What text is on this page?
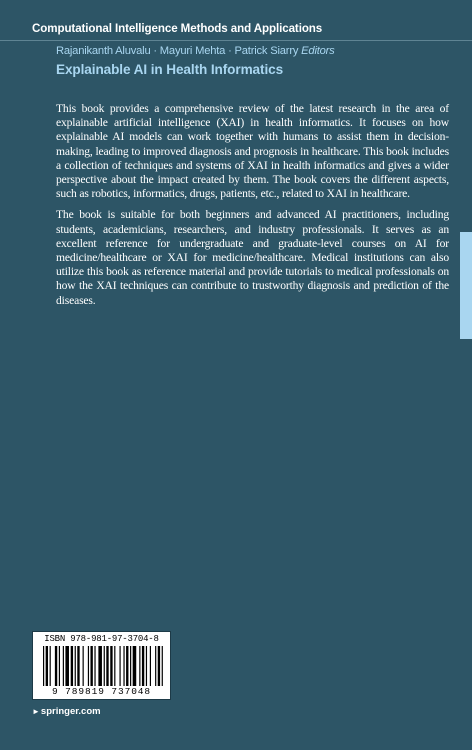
Computational Intelligence Methods and Applications
Rajanikanth Aluvalu · Mayuri Mehta · Patrick Siarry Editors
Explainable AI in Health Informatics

This book provides a comprehensive review of the latest research in the area of explainable artificial intelligence (XAI) in health informatics. It focuses on how explainable AI models can work together with humans to assist them in decision-making, leading to improved diagnosis and prognosis in healthcare. This book includes a collection of techniques and systems of XAI in health informatics and gives a wider perspective about the impact created by them. The book covers the different aspects, such as robotics, informatics, drugs, patients, etc., related to XAI in healthcare.

The book is suitable for both beginners and advanced AI practitioners, including students, academicians, researchers, and industry professionals. It serves as an excellent reference for undergraduate and graduate-level courses on AI for medicine/healthcare or XAI for medicine/healthcare. Medical institutions can also utilize this book as reference material and provide tutorials to medical professionals on how the XAI techniques can contribute to trustworthy diagnosis and prediction of the diseases.

ISBN 978-981-97-3704-8
9 789819 737048
►springer.com
